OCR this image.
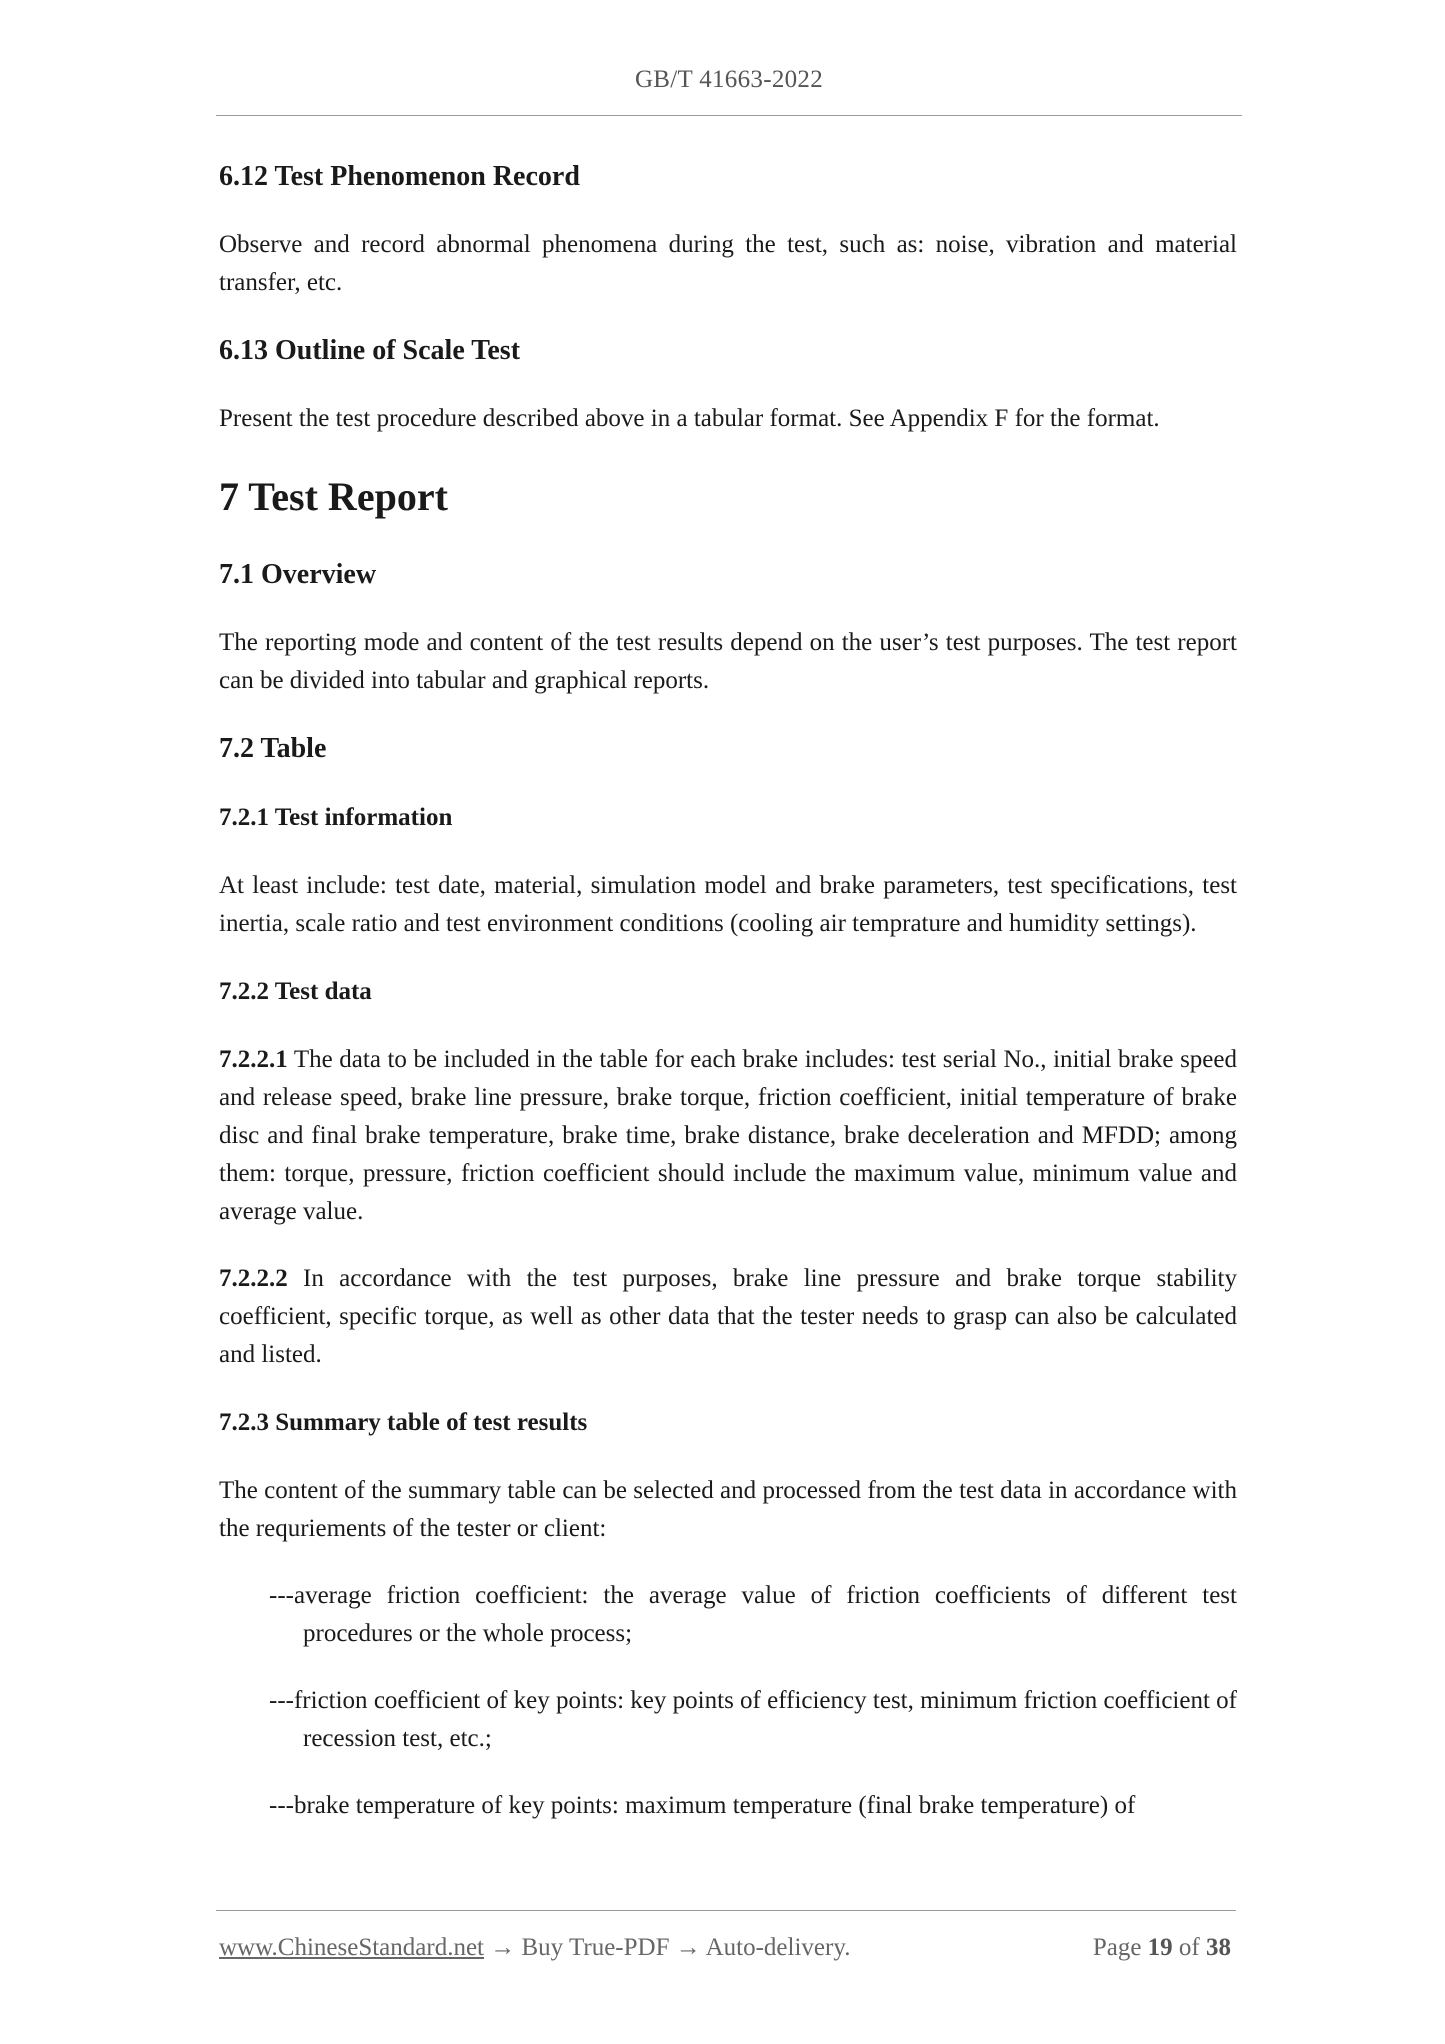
GB/T 41663-2022
6.12 Test Phenomenon Record

Observe and record abnormal phenomena during the test, such as: noise, vibration and material transfer, etc.

6.13 Outline of Scale Test

Present the test procedure described above in a tabular format. See Appendix F for the format.

7 Test Report
7.1 Overview

The reporting mode and content of the test results depend on the user’s test purposes. The test report can be divided into tabular and graphical reports.

7.2 Table
7.2.1 Test information

At least include: test date, material, simulation model and brake parameters, test specifications, test inertia, scale ratio and test environment conditions (cooling air temprature and humidity settings).

7.2.2 Test data

7.2.2.1 The data to be included in the table for each brake includes: test serial No., initial brake speed and release speed, brake line pressure, brake torque, friction coefficient, initial temperature of brake disc and final brake temperature, brake time, brake distance, brake deceleration and MFDD; among them: torque, pressure, friction coefficient should include the maximum value, minimum value and average value.

7.2.2.2 In accordance with the test purposes, brake line pressure and brake torque stability coefficient, specific torque, as well as other data that the tester needs to grasp can also be calculated and listed.

7.2.3 Summary table of test results

The content of the summary table can be selected and processed from the test data in accordance with the requriements of the tester or client:

---average friction coefficient: the average value of friction coefficients of different test procedures or the whole process;
---friction coefficient of key points: key points of efficiency test, minimum friction coefficient of recession test, etc.;
---brake temperature of key points: maximum temperature (final brake temperature) of
www.ChineseStandard.net → Buy True-PDF → Auto-delivery.	Page 19 of 38
